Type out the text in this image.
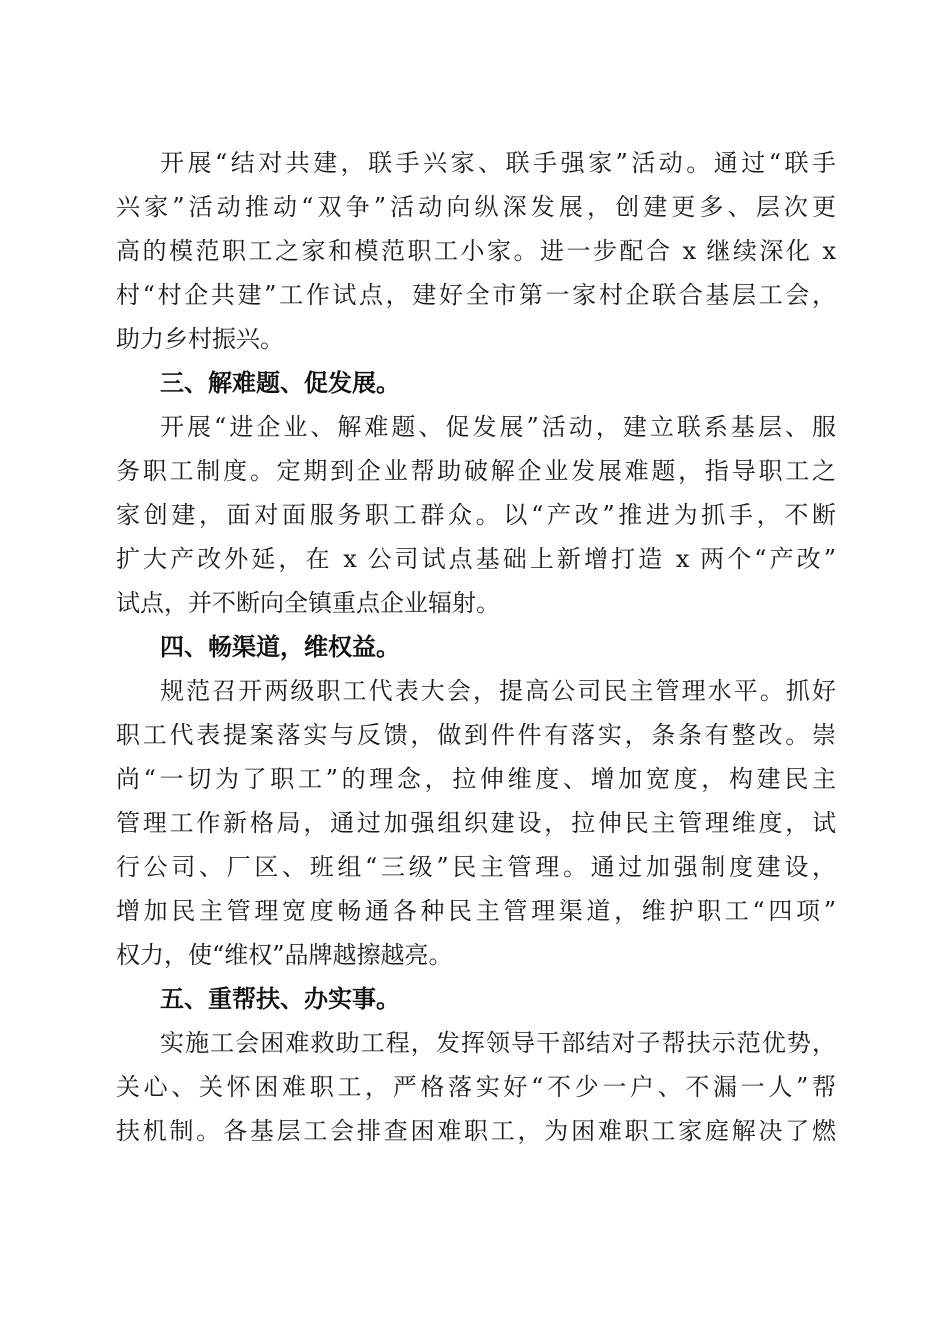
开展“结对共建，联手兴家、联手强家”活动。通过“联手
兴家”活动推动“双争”活动向纵深发展，创建更多、层次更
高的模范职工之家和模范职工小家。进一步配合 x 继续深化 x
村“村企共建”工作试点，建好全市第一家村企联合基层工会，
助力乡村振兴。
三、解难题、促发展。
开展“进企业、解难题、促发展”活动，建立联系基层、服
务职工制度。定期到企业帮助破解企业发展难题，指导职工之
家创建，面对面服务职工群众。以“产改”推进为抓手，不断
扩大产改外延，在 x 公司试点基础上新增打造 x 两个“产改”
试点，并不断向全镇重点企业辐射。
四、畅渠道，维权益。
规范召开两级职工代表大会，提高公司民主管理水平。抓好
职工代表提案落实与反馈，做到件件有落实，条条有整改。崇
尚“一切为了职工”的理念，拉伸维度、增加宽度，构建民主
管理工作新格局，通过加强组织建设，拉伸民主管理维度，试
行公司、厂区、班组“三级”民主管理。通过加强制度建设，
增加民主管理宽度畅通各种民主管理渠道，维护职工“四项”
权力，使“维权”品牌越擦越亮。
五、重帮扶、办实事。
实施工会困难救助工程，发挥领导干部结对子帮扶示范优势，
关心、关怀困难职工，严格落实好“不少一户、不漏一人”帮
扶机制。各基层工会排查困难职工，为困难职工家庭解决了燃
